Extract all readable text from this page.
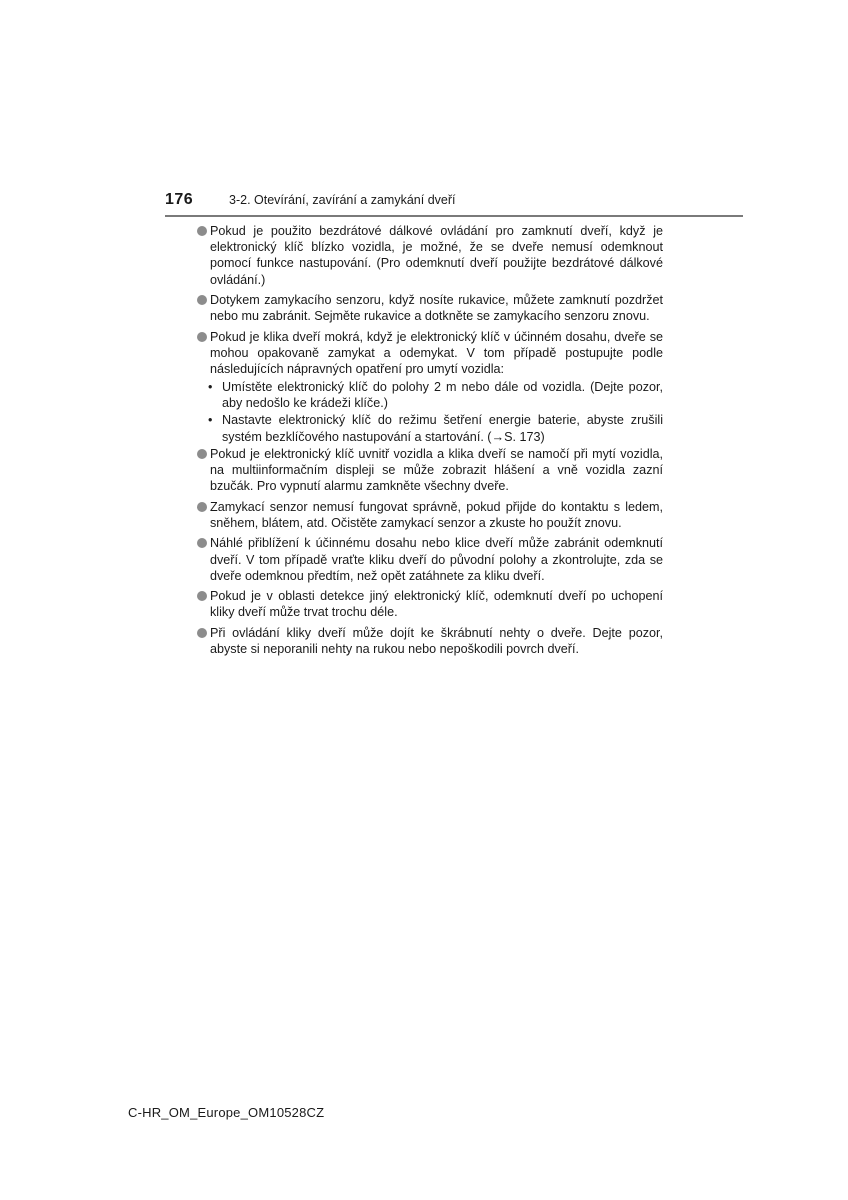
176	3-2. Otevírání, zavírání a zamykání dveří
Pokud je použito bezdrátové dálkové ovládání pro zamknutí dveří, když je elektronický klíč blízko vozidla, je možné, že se dveře nemusí odemknout pomocí funkce nastupování. (Pro odemknutí dveří použijte bezdrátové dálkové ovládání.)
Dotykem zamykacího senzoru, když nosíte rukavice, můžete zamknutí pozdržet nebo mu zabránit. Sejměte rukavice a dotkněte se zamykacího senzoru znovu.
Pokud je klika dveří mokrá, když je elektronický klíč v účinném dosahu, dveře se mohou opakovaně zamykat a odemykat. V tom případě postupujte podle následujících nápravných opatření pro umytí vozidla:
• Umístěte elektronický klíč do polohy 2 m nebo dále od vozidla. (Dejte pozor, aby nedošlo ke krádeži klíče.)
• Nastavte elektronický klíč do režimu šetření energie baterie, abyste zrušili systém bezklíčového nastupování a startování. (→S. 173)
Pokud je elektronický klíč uvnitř vozidla a klika dveří se namočí při mytí vozidla, na multiinformačním displeji se může zobrazit hlášení a vně vozidla zazní bzučák. Pro vypnutí alarmu zamkněte všechny dveře.
Zamykací senzor nemusí fungovat správně, pokud přijde do kontaktu s ledem, sněhem, blátem, atd. Očistěte zamykací senzor a zkuste ho použít znovu.
Náhlé přiblížení k účinnému dosahu nebo klice dveří může zabránit odemknutí dveří. V tom případě vraťte kliku dveří do původní polohy a zkontrolujte, zda se dveře odemknou předtím, než opět zatáhnete za kliku dveří.
Pokud je v oblasti detekce jiný elektronický klíč, odemknutí dveří po uchopení kliky dveří může trvat trochu déle.
Při ovládání kliky dveří může dojít ke škrábnutí nehty o dveře. Dejte pozor, abyste si neporanili nehty na rukou nebo nepoškodili povrch dveří.
C-HR_OM_Europe_OM10528CZ
